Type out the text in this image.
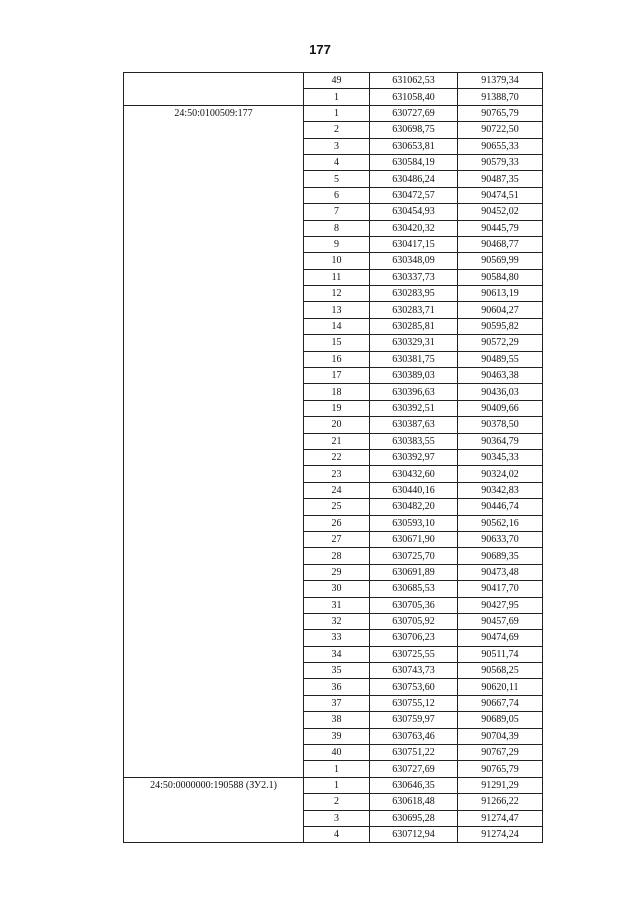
177
	49	631062,53	91379,34
	1	631058,40	91388,70
24:50:0100509:177	1	630727,69	90765,79
	2	630698,75	90722,50
	3	630653,81	90655,33
	4	630584,19	90579,33
	5	630486,24	90487,35
	6	630472,57	90474,51
	7	630454,93	90452,02
	8	630420,32	90445,79
	9	630417,15	90468,77
	10	630348,09	90569,99
	11	630337,73	90584,80
	12	630283,95	90613,19
	13	630283,71	90604,27
	14	630285,81	90595,82
	15	630329,31	90572,29
	16	630381,75	90489,55
	17	630389,03	90463,38
	18	630396,63	90436,03
	19	630392,51	90409,66
	20	630387,63	90378,50
	21	630383,55	90364,79
	22	630392,97	90345,33
	23	630432,60	90324,02
	24	630440,16	90342,83
	25	630482,20	90446,74
	26	630593,10	90562,16
	27	630671,90	90633,70
	28	630725,70	90689,35
	29	630691,89	90473,48
	30	630685,53	90417,70
	31	630705,36	90427,95
	32	630705,92	90457,69
	33	630706,23	90474,69
	34	630725,55	90511,74
	35	630743,73	90568,25
	36	630753,60	90620,11
	37	630755,12	90667,74
	38	630759,97	90689,05
	39	630763,46	90704,39
	40	630751,22	90767,29
	1	630727,69	90765,79
24:50:0000000:190588 (ЗУ2.1)	1	630646,35	91291,29
	2	630618,48	91266,22
	3	630695,28	91274,47
	4	630712,94	91274,24
